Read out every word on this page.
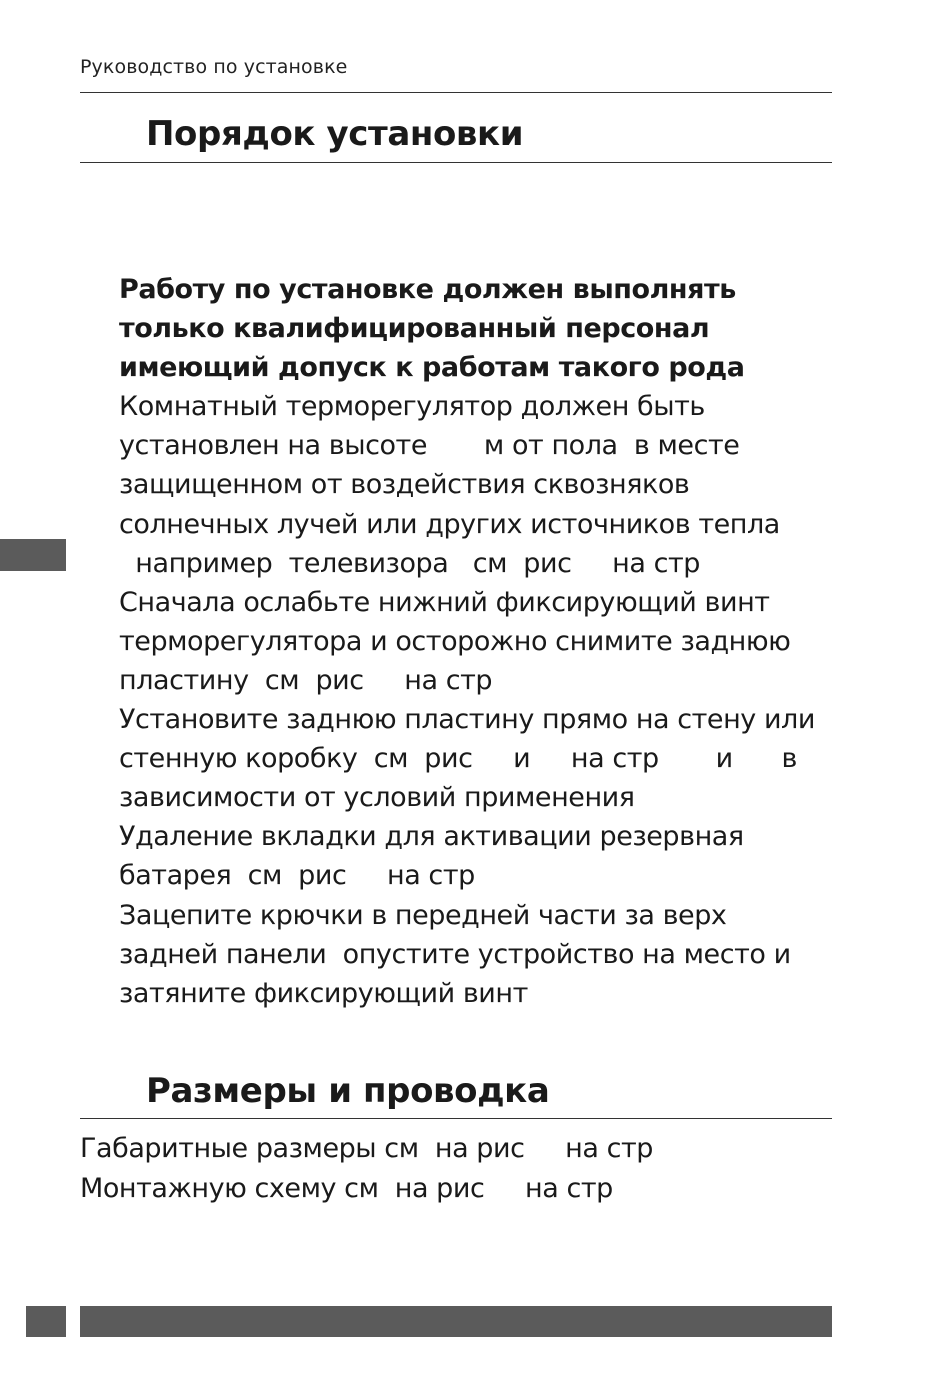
Руководство по установке
Порядок установки
Работу по установке должен выполнять
только квалифицированный персонал
имеющий допуск к работам такого рода
Комнатный терморегулятор должен быть
установлен на высоте       м от пола  в месте
защищенном от воздействия сквозняков
солнечных лучей или других источников тепла
например  телевизора   см  рис     на стр
Сначала ослабьте нижний фиксирующий винт
терморегулятора и осторожно снимите заднюю
пластину  см  рис     на стр
Установите заднюю пластину прямо на стену или
стенную коробку  см  рис     и     на стр       и      в
зависимости от условий применения
Удаление вкладки для активации резервная
батарея  см  рис     на стр
Зацепите крючки в передней части за верх
задней панели  опустите устройство на место и
затяните фиксирующий винт
Размеры и проводка
Габаритные размеры см  на рис     на стр
Монтажную схему см  на рис     на стр
